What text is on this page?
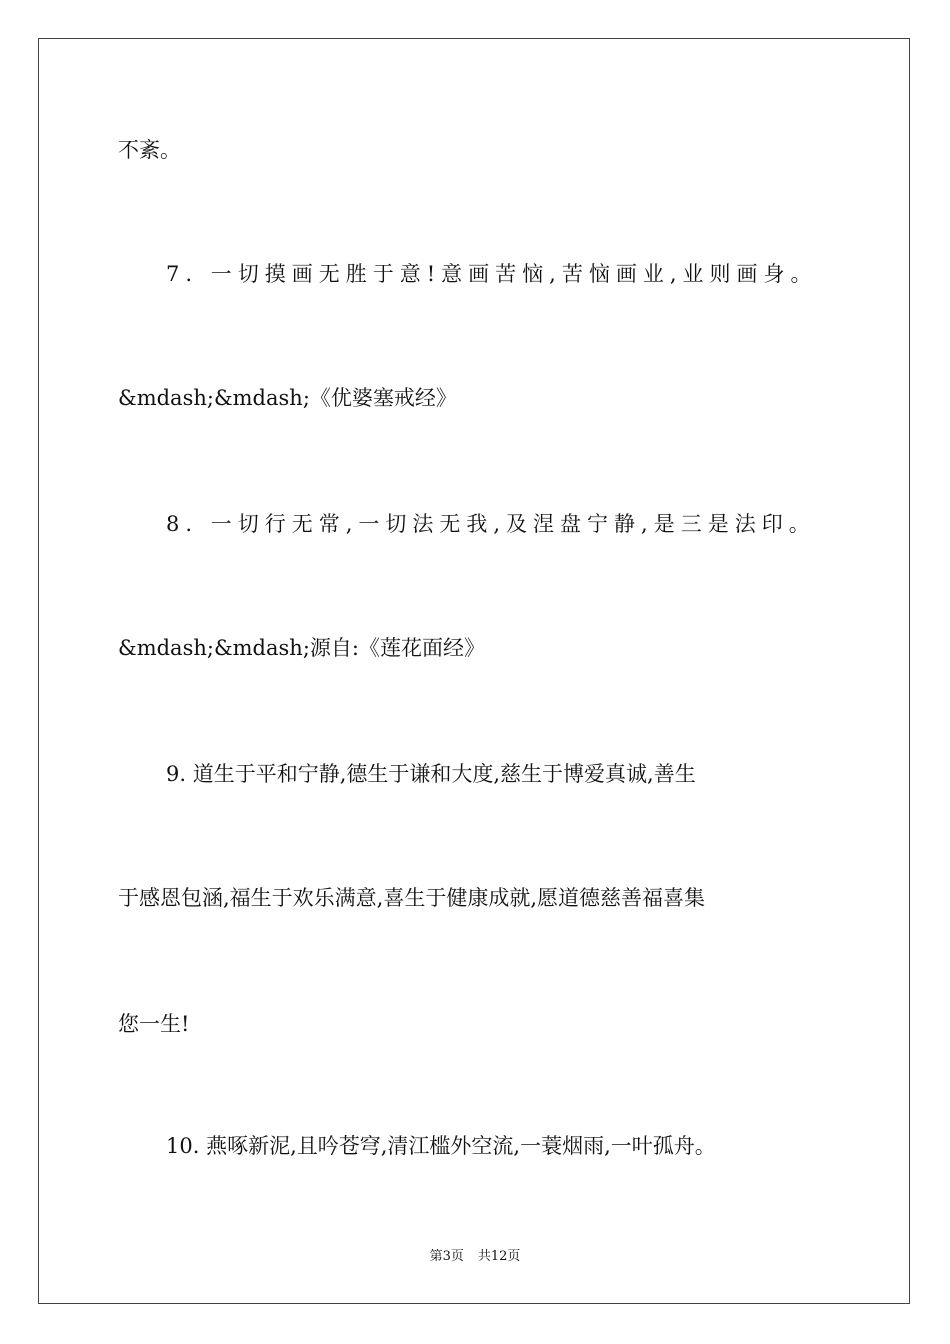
不紊。
7. 一切摸画无胜于意!意画苦恼,苦恼画业,业则画身。
&mdash;&mdash;《优婆塞戒经》
8. 一切行无常,一切法无我,及涅盘宁静,是三是法印。
&mdash;&mdash;源自:《莲花面经》
9. 道生于平和宁静,德生于谦和大度,慈生于博爱真诚,善生
于感恩包涵,福生于欢乐满意,喜生于健康成就,愿道德慈善福喜集
您一生!
10. 燕啄新泥,且吟苍穹,清江槛外空流,一蓑烟雨,一叶孤舟。
第3页 共12页
